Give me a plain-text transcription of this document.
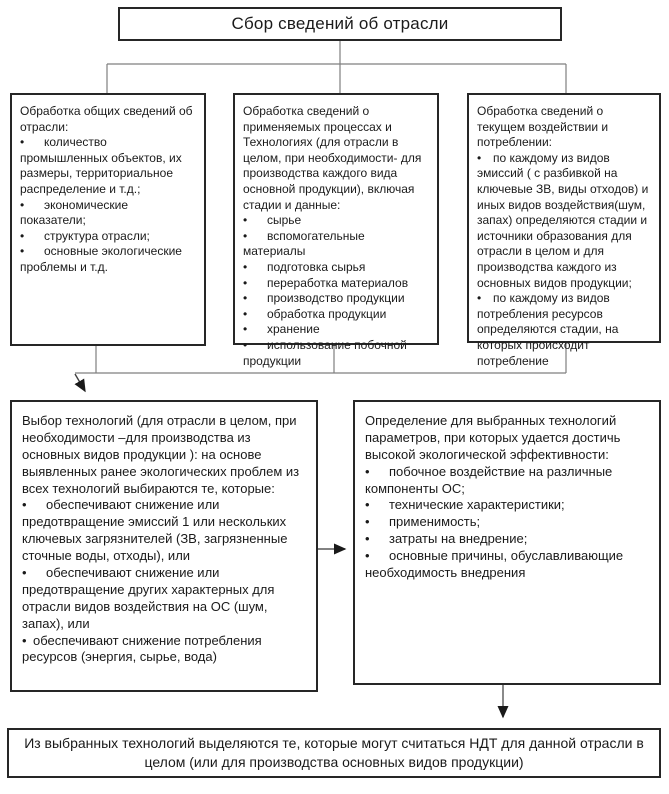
Сбор сведений об отрасли

Обработка общих сведений об отрасли:

• количество промышленных объектов, их размеры, территориальное распределение и т.д.;
• экономические показатели;
• структура отрасли;
• основные экологические проблемы и т.д.

Обработка сведений о применяемых процессах и Технологиях (для отрасли в целом, при необходимости- для производства каждого вида основной продукции), включая стадии и данные:

• сырье
• вспомогательные материалы
• подготовка сырья
• переработка материалов
• производство продукции
• обработка продукции
• хранение
• использование побочной продукции

Обработка сведений о текущем воздействии и потреблении:

• по каждому из видов эмиссий ( с разбивкой на ключевые ЗВ, виды отходов) и иных видов воздействия(шум, запах) определяются стадии и источники образования для отрасли в целом и для производства каждого из основных видов продукции;
• по каждому из видов потребления ресурсов определяются стадии, на которых происходит потребление

Выбор технологий (для отрасли в целом, при необходимости –для производства из основных видов продукции ): на основе выявленных ранее экологических проблем из всех технологий выбираются те, которые:

• обеспечивают снижение или предотвращение эмиссий 1 или нескольких ключевых загрязнителей (ЗВ, загрязненные сточные воды, отходы), или
• обеспечивают снижение или предотвращение других характерных для отрасли видов воздействия на ОС (шум, запах), или
• обеспечивают снижение потребления ресурсов (энергия, сырье, вода)

Определение для выбранных технологий параметров, при которых удается достичь высокой экологической эффективности:

• побочное воздействие на различные компоненты ОС;
• технические характеристики;
• применимость;
• затраты на внедрение;
• основные причины, обуславливающие необходимость внедрения
Из выбранных технологий выделяются те, которые могут считаться НДТ для данной отрасли в целом (или для производства основных видов продукции)
